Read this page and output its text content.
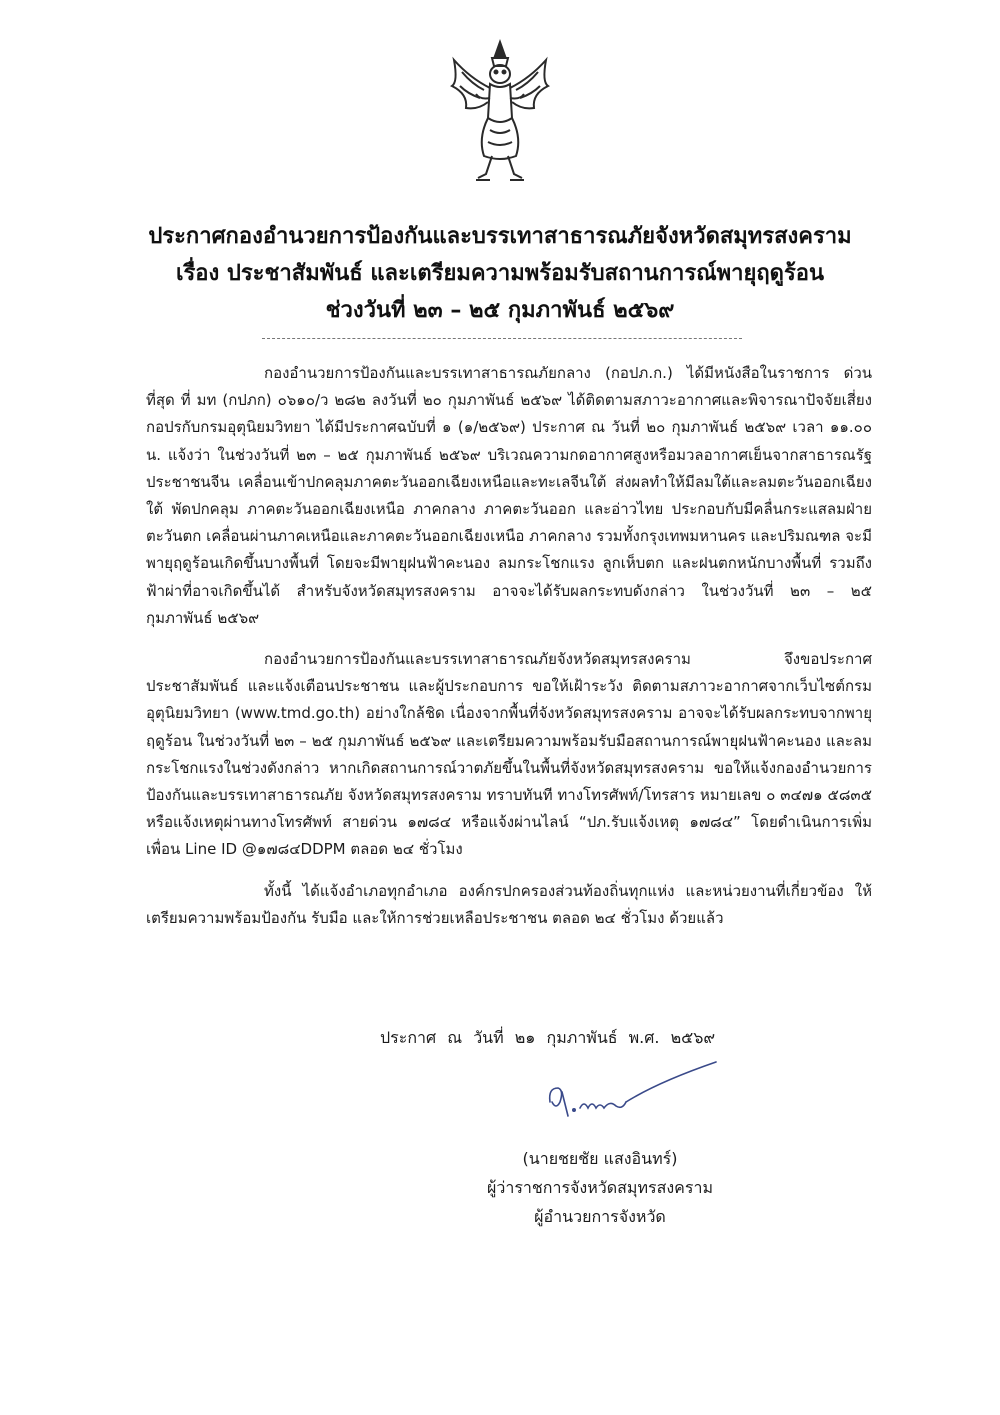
ประกาศกองอำนวยการป้องกันและบรรเทาสาธารณภัยจังหวัดสมุทรสงคราม
เรื่อง ประชาสัมพันธ์ และเตรียมความพร้อมรับสถานการณ์พายุฤดูร้อน
ช่วงวันที่ ๒๓ – ๒๕ กุมภาพันธ์ ๒๕๖๙

กองอำนวยการป้องกันและบรรเทาสาธารณภัยกลาง (กอปภ.ก.) ได้มีหนังสือในราชการ ด่วนที่สุด ที่ มท (กปภก) ๐๖๑๐/ว ๒๘๒ ลงวันที่ ๒๐ กุมภาพันธ์ ๒๕๖๙ ได้ติดตามสภาวะอากาศและพิจารณาปัจจัยเสี่ยง กอปรกับกรมอุตุนิยมวิทยา ได้มีประกาศฉบับที่ ๑ (๑/๒๕๖๙) ประกาศ ณ วันที่ ๒๐ กุมภาพันธ์ ๒๕๖๙ เวลา ๑๑.๐๐ น. แจ้งว่า ในช่วงวันที่ ๒๓ – ๒๕ กุมภาพันธ์ ๒๕๖๙ บริเวณความกดอากาศสูงหรือมวลอากาศเย็นจากสาธารณรัฐประชาชนจีน เคลื่อนเข้าปกคลุมภาคตะวันออกเฉียงเหนือและทะเลจีนใต้ ส่งผลทำให้มีลมใต้และลมตะวันออกเฉียงใต้ พัดปกคลุม ภาคตะวันออกเฉียงเหนือ ภาคกลาง ภาคตะวันออก และอ่าวไทย ประกอบกับมีคลื่นกระแสลมฝ่ายตะวันตก เคลื่อนผ่านภาคเหนือและภาคตะวันออกเฉียงเหนือ ภาคกลาง รวมทั้งกรุงเทพมหานคร และปริมณฑล จะมีพายุฤดูร้อนเกิดขึ้นบางพื้นที่ โดยจะมีพายุฝนฟ้าคะนอง ลมกระโชกแรง ลูกเห็บตก และฝนตกหนักบางพื้นที่ รวมถึงฟ้าผ่าที่อาจเกิดขึ้นได้ สำหรับจังหวัดสมุทรสงคราม อาจจะได้รับผลกระทบดังกล่าว ในช่วงวันที่ ๒๓ – ๒๕ กุมภาพันธ์ ๒๕๖๙

กองอำนวยการป้องกันและบรรเทาสาธารณภัยจังหวัดสมุทรสงคราม จึงขอประกาศประชาสัมพันธ์ และแจ้งเตือนประชาชน และผู้ประกอบการ ขอให้เฝ้าระวัง ติดตามสภาวะอากาศจากเว็บไซต์กรมอุตุนิยมวิทยา (www.tmd.go.th) อย่างใกล้ชิด เนื่องจากพื้นที่จังหวัดสมุทรสงคราม อาจจะได้รับผลกระทบจากพายุฤดูร้อน ในช่วงวันที่ ๒๓ – ๒๕ กุมภาพันธ์ ๒๕๖๙ และเตรียมความพร้อมรับมือสถานการณ์พายุฝนฟ้าคะนอง และลมกระโชกแรงในช่วงดังกล่าว หากเกิดสถานการณ์วาตภัยขึ้นในพื้นที่จังหวัดสมุทรสงคราม ขอให้แจ้งกองอำนวยการป้องกันและบรรเทาสาธารณภัย จังหวัดสมุทรสงคราม ทราบทันที ทางโทรศัพท์/โทรสาร หมายเลข ๐ ๓๔๗๑ ๕๘๓๕ หรือแจ้งเหตุผ่านทางโทรศัพท์ สายด่วน ๑๗๘๔ หรือแจ้งผ่านไลน์ “ปภ.รับแจ้งเหตุ ๑๗๘๔” โดยดำเนินการเพิ่มเพื่อน Line ID @๑๗๘๔DDPM ตลอด ๒๔ ชั่วโมง

ทั้งนี้ ได้แจ้งอำเภอทุกอำเภอ องค์กรปกครองส่วนท้องถิ่นทุกแห่ง และหน่วยงานที่เกี่ยวข้อง ให้เตรียมความพร้อมป้องกัน รับมือ และให้การช่วยเหลือประชาชน ตลอด ๒๔ ชั่วโมง ด้วยแล้ว

ประกาศ ณ วันที่ ๒๑ กุมภาพันธ์ พ.ศ. ๒๕๖๙
(นายชยชัย แสงอินทร์)
ผู้ว่าราชการจังหวัดสมุทรสงคราม
ผู้อำนวยการจังหวัด
